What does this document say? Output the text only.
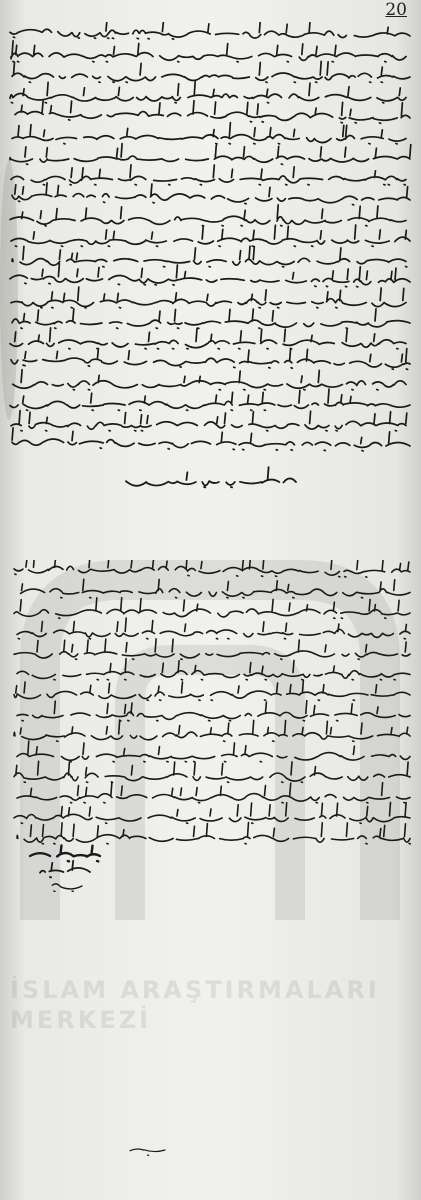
20
İSLAM ARAŞTIRMALARI
MERKEZİ
